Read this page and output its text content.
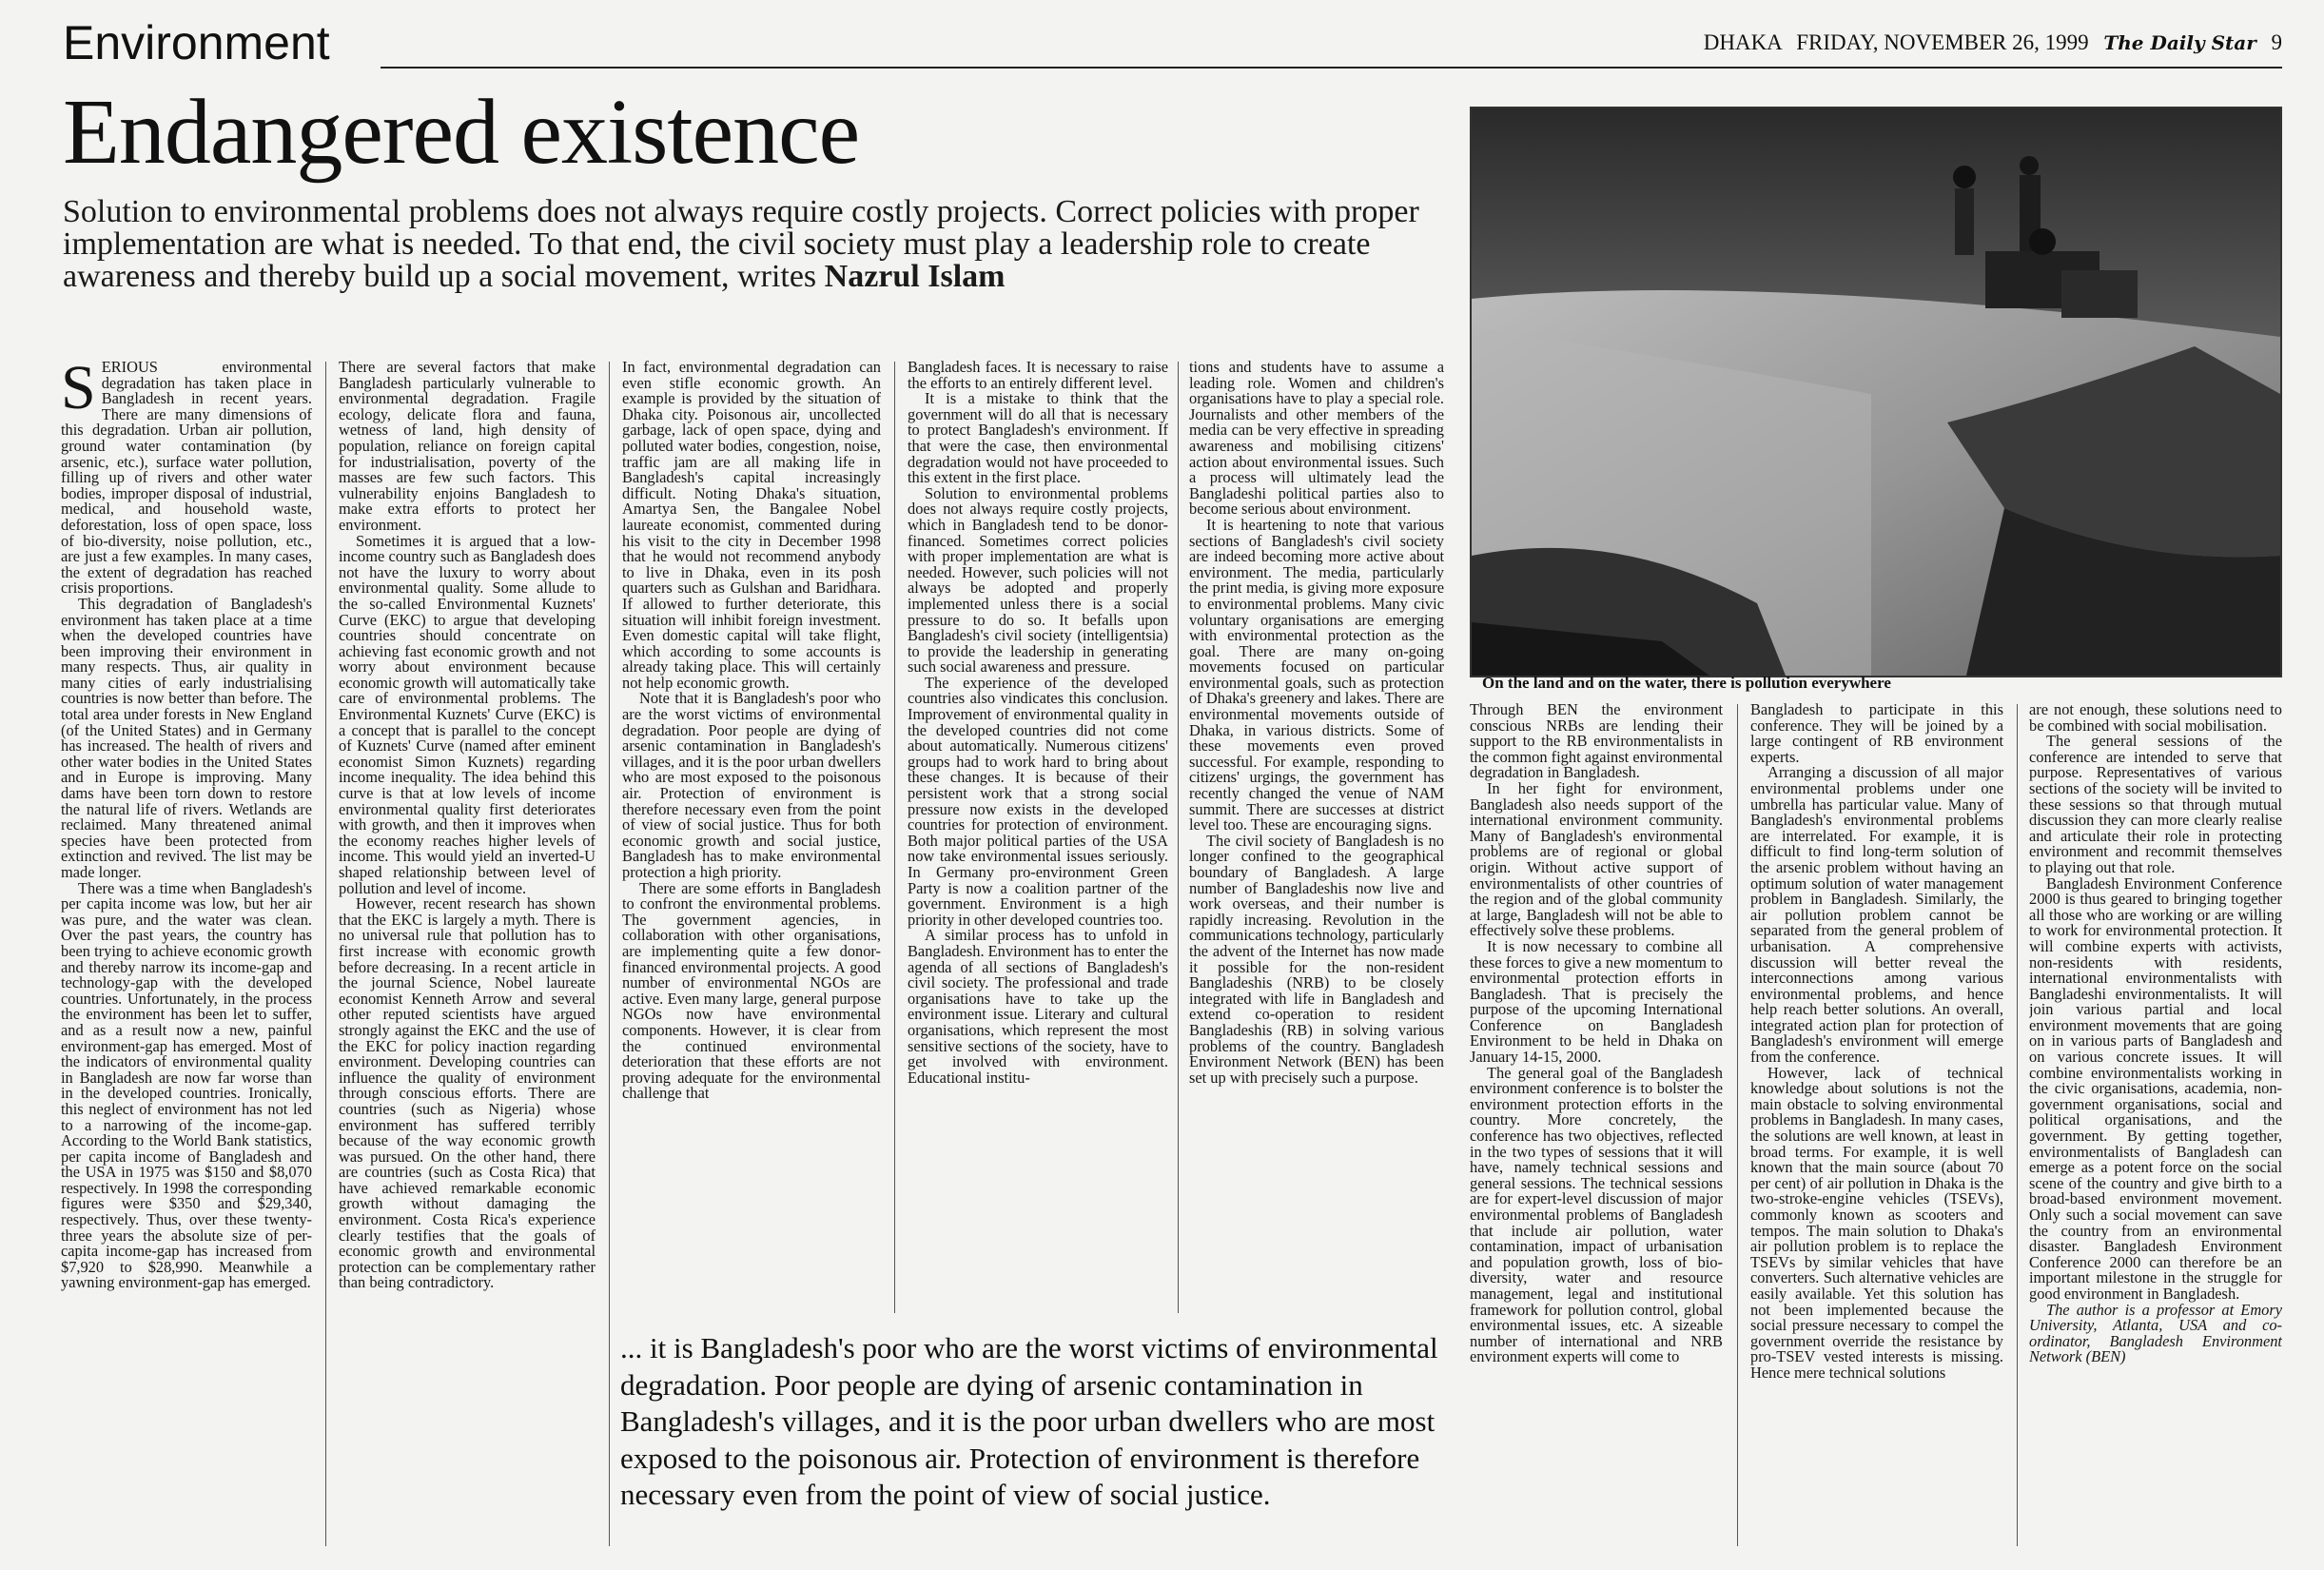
Environment	DHAKA FRIDAY, NOVEMBER 26, 1999 The Daily Star 9
Endangered existence

Solution to environmental problems does not always require costly projects. Correct policies with proper implementation are what is needed. To that end, the civil society must play a leadership role to create awareness and thereby build up a social movement, writes Nazrul Islam

On the land and on the water, there is pollution everywhere

SERIOUS environmental degradation has taken place in Bangladesh in recent years. There are many dimensions of this degradation. Urban air pollution, ground water contamination (by arsenic, etc.), surface water pollution, filling up of rivers and other water bodies, improper disposal of industrial, medical, and household waste, deforestation, loss of open space, loss of bio-diversity, noise pollution, etc., are just a few examples. In many cases, the extent of degradation has reached crisis proportions.

This degradation of Bangladesh's environment has taken place at a time when the developed countries have been improving their environment in many respects. Thus, air quality in many cities of early industrialising countries is now better than before. The total area under forests in New England (of the United States) and in Germany has increased. The health of rivers and other water bodies in the United States and in Europe is improving. Many dams have been torn down to restore the natural life of rivers. Wetlands are reclaimed. Many threatened animal species have been protected from extinction and revived. The list may be made longer.

There was a time when Bangladesh's per capita income was low, but her air was pure, and the water was clean. Over the past years, the country has been trying to achieve economic growth and thereby narrow its income-gap and technology-gap with the developed countries. Unfortunately, in the process the environment has been let to suffer, and as a result now a new, painful environment-gap has emerged. Most of the indicators of environmental quality in Bangladesh are now far worse than in the developed countries. Ironically, this neglect of environment has not led to a narrowing of the income-gap. According to the World Bank statistics, per capita income of Bangladesh and the USA in 1975 was $150 and $8,070 respectively. In 1998 the corresponding figures were $350 and $29,340, respectively. Thus, over these twenty-three years the absolute size of per-capita income-gap has increased from $7,920 to $28,990. Meanwhile a yawning environment-gap has emerged.

There are several factors that make Bangladesh particularly vulnerable to environmental degradation. Fragile ecology, delicate flora and fauna, wetness of land, high density of population, reliance on foreign capital for industrialisation, poverty of the masses are few such factors. This vulnerability enjoins Bangladesh to make extra efforts to protect her environment.

Sometimes it is argued that a low-income country such as Bangladesh does not have the luxury to worry about environmental quality. Some allude to the so-called Environmental Kuznets' Curve (EKC) to argue that developing countries should concentrate on achieving fast economic growth and not worry about environment because economic growth will automatically take care of environmental problems. The Environmental Kuznets' Curve (EKC) is a concept that is parallel to the concept of Kuznets' Curve (named after eminent economist Simon Kuznets) regarding income inequality. The idea behind this curve is that at low levels of income environmental quality first deteriorates with growth, and then it improves when the economy reaches higher levels of income. This would yield an inverted-U shaped relationship between level of pollution and level of income.

However, recent research has shown that the EKC is largely a myth. There is no universal rule that pollution has to first increase with economic growth before decreasing. In a recent article in the journal Science, Nobel laureate economist Kenneth Arrow and several other reputed scientists have argued strongly against the EKC and the use of the EKC for policy inaction regarding environment. Developing countries can influence the quality of environment through conscious efforts. There are countries (such as Nigeria) whose environment has suffered terribly because of the way economic growth was pursued. On the other hand, there are countries (such as Costa Rica) that have achieved remarkable economic growth without damaging the environment. Costa Rica's experience clearly testifies that the goals of economic growth and environmental protection can be complementary rather than being contradictory.

In fact, environmental degradation can even stifle economic growth. An example is provided by the situation of Dhaka city. Poisonous air, uncollected garbage, lack of open space, dying and polluted water bodies, congestion, noise, traffic jam are all making life in Bangladesh's capital increasingly difficult. Noting Dhaka's situation, Amartya Sen, the Bangalee Nobel laureate economist, commented during his visit to the city in December 1998 that he would not recommend anybody to live in Dhaka, even in its posh quarters such as Gulshan and Baridhara. If allowed to further deteriorate, this situation will inhibit foreign investment. Even domestic capital will take flight, which according to some accounts is already taking place. This will certainly not help economic growth.

Note that it is Bangladesh's poor who are the worst victims of environmental degradation. Poor people are dying of arsenic contamination in Bangladesh's villages, and it is the poor urban dwellers who are most exposed to the poisonous air. Protection of environment is therefore necessary even from the point of view of social justice. Thus for both economic growth and social justice, Bangladesh has to make environmental protection a high priority.

There are some efforts in Bangladesh to confront the environmental problems. The government agencies, in collaboration with other organisations, are implementing quite a few donor-financed environmental projects. A good number of environmental NGOs are active. Even many large, general purpose NGOs now have environmental components. However, it is clear from the continued environmental deterioration that these efforts are not proving adequate for the environmental challenge that

Bangladesh faces. It is necessary to raise the efforts to an entirely different level.

It is a mistake to think that the government will do all that is necessary to protect Bangladesh's environment. If that were the case, then environmental degradation would not have proceeded to this extent in the first place.

Solution to environmental problems does not always require costly projects, which in Bangladesh tend to be donor-financed. Sometimes correct policies with proper implementation are what is needed. However, such policies will not always be adopted and properly implemented unless there is a social pressure to do so. It befalls upon Bangladesh's civil society (intelligentsia) to provide the leadership in generating such social awareness and pressure.

The experience of the developed countries also vindicates this conclusion. Improvement of environmental quality in the developed countries did not come about automatically. Numerous citizens' groups had to work hard to bring about these changes. It is because of their persistent work that a strong social pressure now exists in the developed countries for protection of environment. Both major political parties of the USA now take environmental issues seriously. In Germany pro-environment Green Party is now a coalition partner of the government. Environment is a high priority in other developed countries too.

A similar process has to unfold in Bangladesh. Environment has to enter the agenda of all sections of Bangladesh's civil society. The professional and trade organisations have to take up the environment issue. Literary and cultural organisations, which represent the most sensitive sections of the society, have to get involved with environment. Educational institu-

tions and students have to assume a leading role. Women and children's organisations have to play a special role. Journalists and other members of the media can be very effective in spreading awareness and mobilising citizens' action about environmental issues. Such a process will ultimately lead the Bangladeshi political parties also to become serious about environment.

It is heartening to note that various sections of Bangladesh's civil society are indeed becoming more active about environment. The media, particularly the print media, is giving more exposure to environmental problems. Many civic voluntary organisations are emerging with environmental protection as the goal. There are many on-going movements focused on particular environmental goals, such as protection of Dhaka's greenery and lakes. There are environmental movements outside of Dhaka, in various districts. Some of these movements even proved successful. For example, responding to citizens' urgings, the government has recently changed the venue of NAM summit. There are successes at district level too. These are encouraging signs.

The civil society of Bangladesh is no longer confined to the geographical boundary of Bangladesh. A large number of Bangladeshis now live and work overseas, and their number is rapidly increasing. Revolution in the communications technology, particularly the advent of the Internet has now made it possible for the non-resident Bangladeshis (NRB) to be closely integrated with life in Bangladesh and extend co-operation to resident Bangladeshis (RB) in solving various problems of the country. Bangladesh Environment Network (BEN) has been set up with precisely such a purpose.

Through BEN the environment conscious NRBs are lending their support to the RB environmentalists in the common fight against environmental degradation in Bangladesh.

In her fight for environment, Bangladesh also needs support of the international environment community. Many of Bangladesh's environmental problems are of regional or global origin. Without active support of environmentalists of other countries of the region and of the global community at large, Bangladesh will not be able to effectively solve these problems.

It is now necessary to combine all these forces to give a new momentum to environmental protection efforts in Bangladesh. That is precisely the purpose of the upcoming International Conference on Bangladesh Environment to be held in Dhaka on January 14-15, 2000.

The general goal of the Bangladesh environment conference is to bolster the environment protection efforts in the country. More concretely, the conference has two objectives, reflected in the two types of sessions that it will have, namely technical sessions and general sessions. The technical sessions are for expert-level discussion of major environmental problems of Bangladesh that include air pollution, water contamination, impact of urbanisation and population growth, loss of bio-diversity, water and resource management, legal and institutional framework for pollution control, global environmental issues, etc. A sizeable number of international and NRB environment experts will come to

Bangladesh to participate in this conference. They will be joined by a large contingent of RB environment experts.

Arranging a discussion of all major environmental problems under one umbrella has particular value. Many of Bangladesh's environmental problems are interrelated. For example, it is difficult to find long-term solution of the arsenic problem without having an optimum solution of water management problem in Bangladesh. Similarly, the air pollution problem cannot be separated from the general problem of urbanisation. A comprehensive discussion will better reveal the interconnections among various environmental problems, and hence help reach better solutions. An overall, integrated action plan for protection of Bangladesh's environment will emerge from the conference.

However, lack of technical knowledge about solutions is not the main obstacle to solving environmental problems in Bangladesh. In many cases, the solutions are well known, at least in broad terms. For example, it is well known that the main source (about 70 per cent) of air pollution in Dhaka is the two-stroke-engine vehicles (TSEVs), commonly known as scooters and tempos. The main solution to Dhaka's air pollution problem is to replace the TSEVs by similar vehicles that have converters. Such alternative vehicles are easily available. Yet this solution has not been implemented because the social pressure necessary to compel the government override the resistance by pro-TSEV vested interests is missing. Hence mere technical solutions

are not enough, these solutions need to be combined with social mobilisation.

The general sessions of the conference are intended to serve that purpose. Representatives of various sections of the society will be invited to these sessions so that through mutual discussion they can more clearly realise and articulate their role in protecting environment and recommit themselves to playing out that role.

Bangladesh Environment Conference 2000 is thus geared to bringing together all those who are working or are willing to work for environmental protection. It will combine experts with activists, non-residents with residents, international environmentalists with Bangladeshi environmentalists. It will join various partial and local environment movements that are going on in various parts of Bangladesh and on various concrete issues. It will combine environmentalists working in the civic organisations, academia, non-government organisations, social and political organisations, and the government. By getting together, environmentalists of Bangladesh can emerge as a potent force on the social scene of the country and give birth to a broad-based environment movement. Only such a social movement can save the country from an environmental disaster. Bangladesh Environment Conference 2000 can therefore be an important milestone in the struggle for good environment in Bangladesh.

The author is a professor at Emory University, Atlanta, USA and co-ordinator, Bangladesh Environment Network (BEN)

... it is Bangladesh's poor who are the worst victims of environmental degradation. Poor people are dying of arsenic contamination in Bangladesh's villages, and it is the poor urban dwellers who are most exposed to the poisonous air. Protection of environment is therefore necessary even from the point of view of social justice.
